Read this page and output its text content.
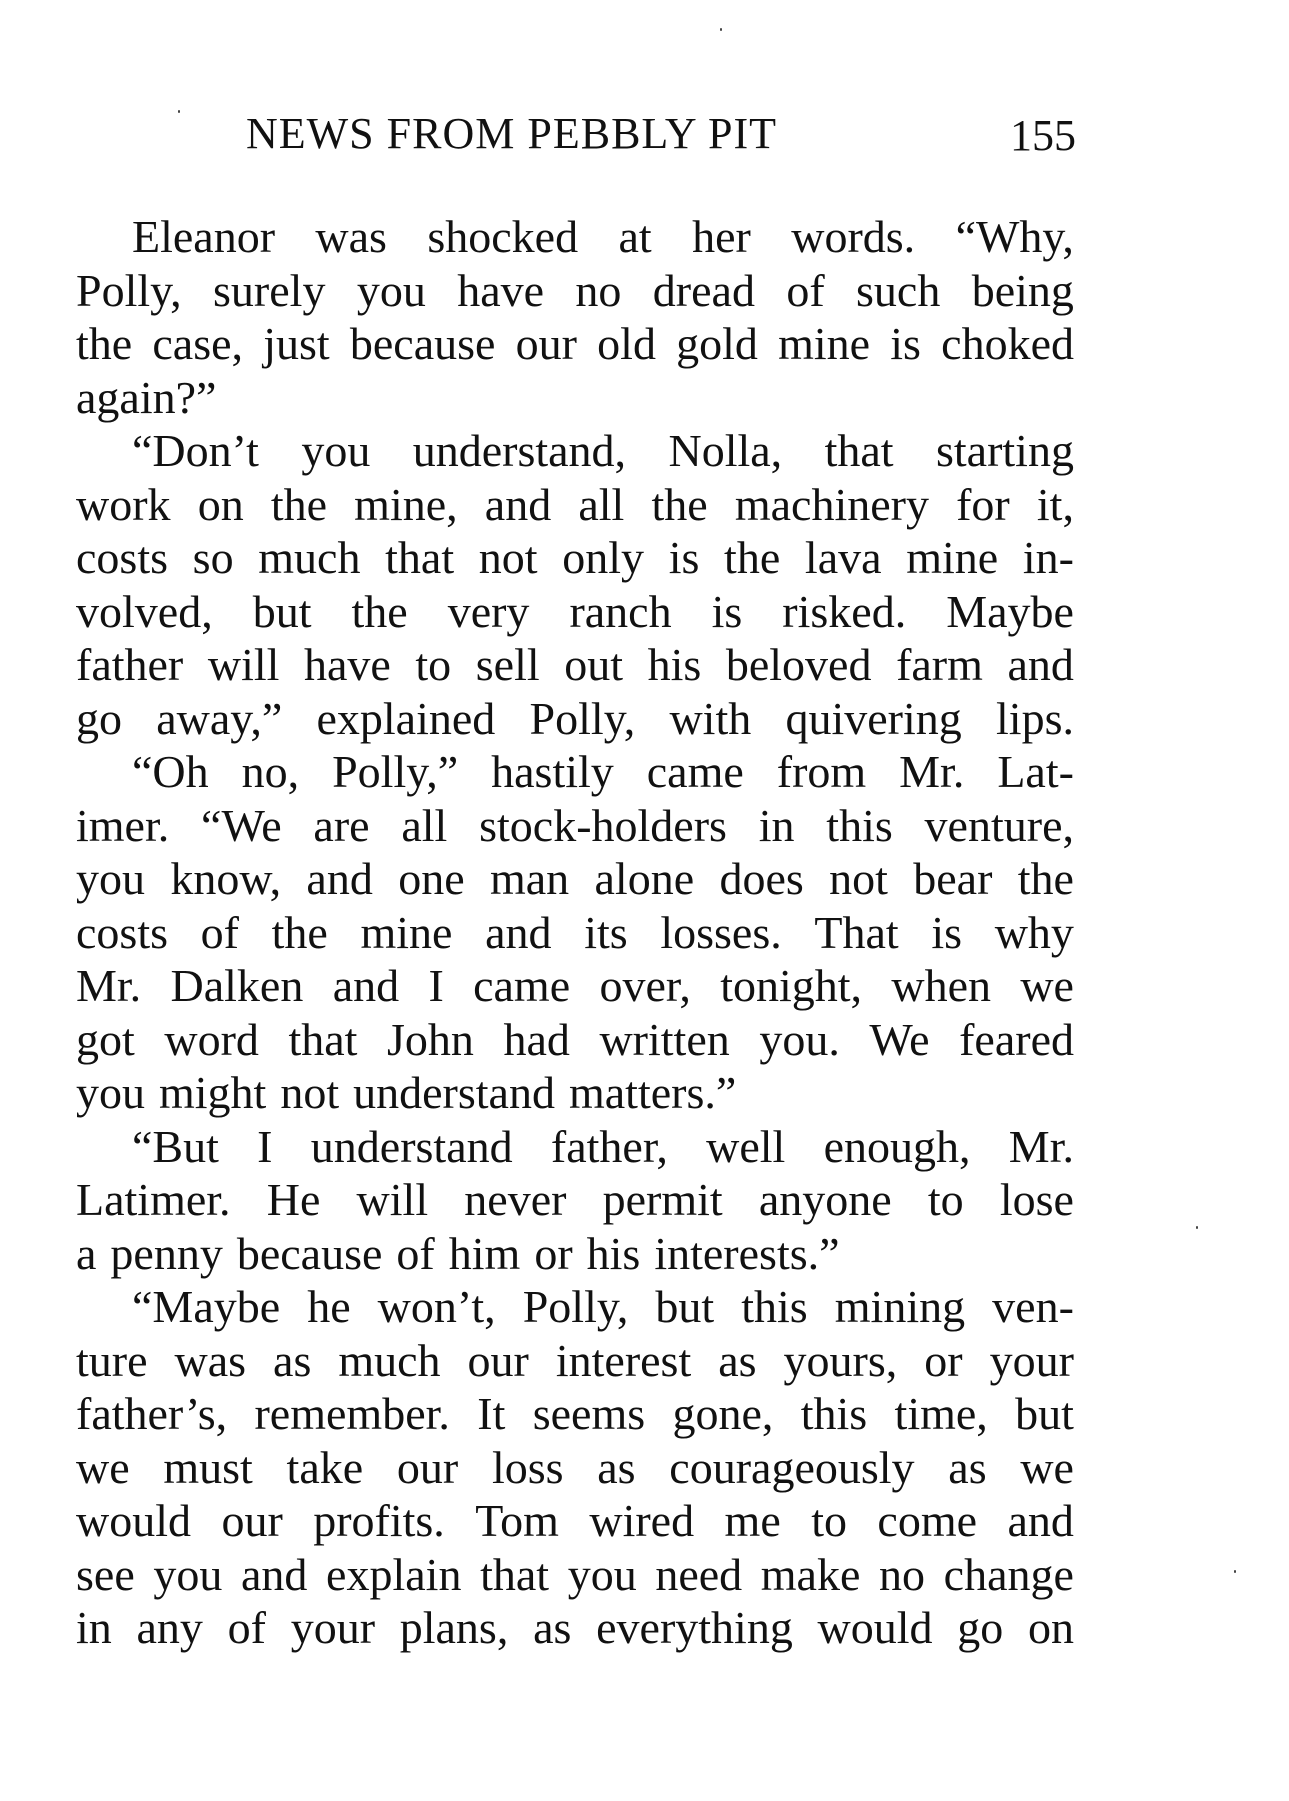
NEWS FROM PEBBLY PIT	155
Eleanor was shocked at her words. “Why,
Polly, surely you have no dread of such being
the case, just because our old gold mine is choked
again?”
“Don’t you understand, Nolla, that starting
work on the mine, and all the machinery for it,
costs so much that not only is the lava mine in-
volved, but the very ranch is risked. Maybe
father will have to sell out his beloved farm and
go away,” explained Polly, with quivering lips.
“Oh no, Polly,” hastily came from Mr. Lat-
imer. “We are all stock-holders in this venture,
you know, and one man alone does not bear the
costs of the mine and its losses. That is why
Mr. Dalken and I came over, tonight, when we
got word that John had written you. We feared
you might not understand matters.”
“But I understand father, well enough, Mr.
Latimer. He will never permit anyone to lose
a penny because of him or his interests.”
“Maybe he won’t, Polly, but this mining ven-
ture was as much our interest as yours, or your
father’s, remember. It seems gone, this time, but
we must take our loss as courageously as we
would our profits. Tom wired me to come and
see you and explain that you need make no change
in any of your plans, as everything would go on
